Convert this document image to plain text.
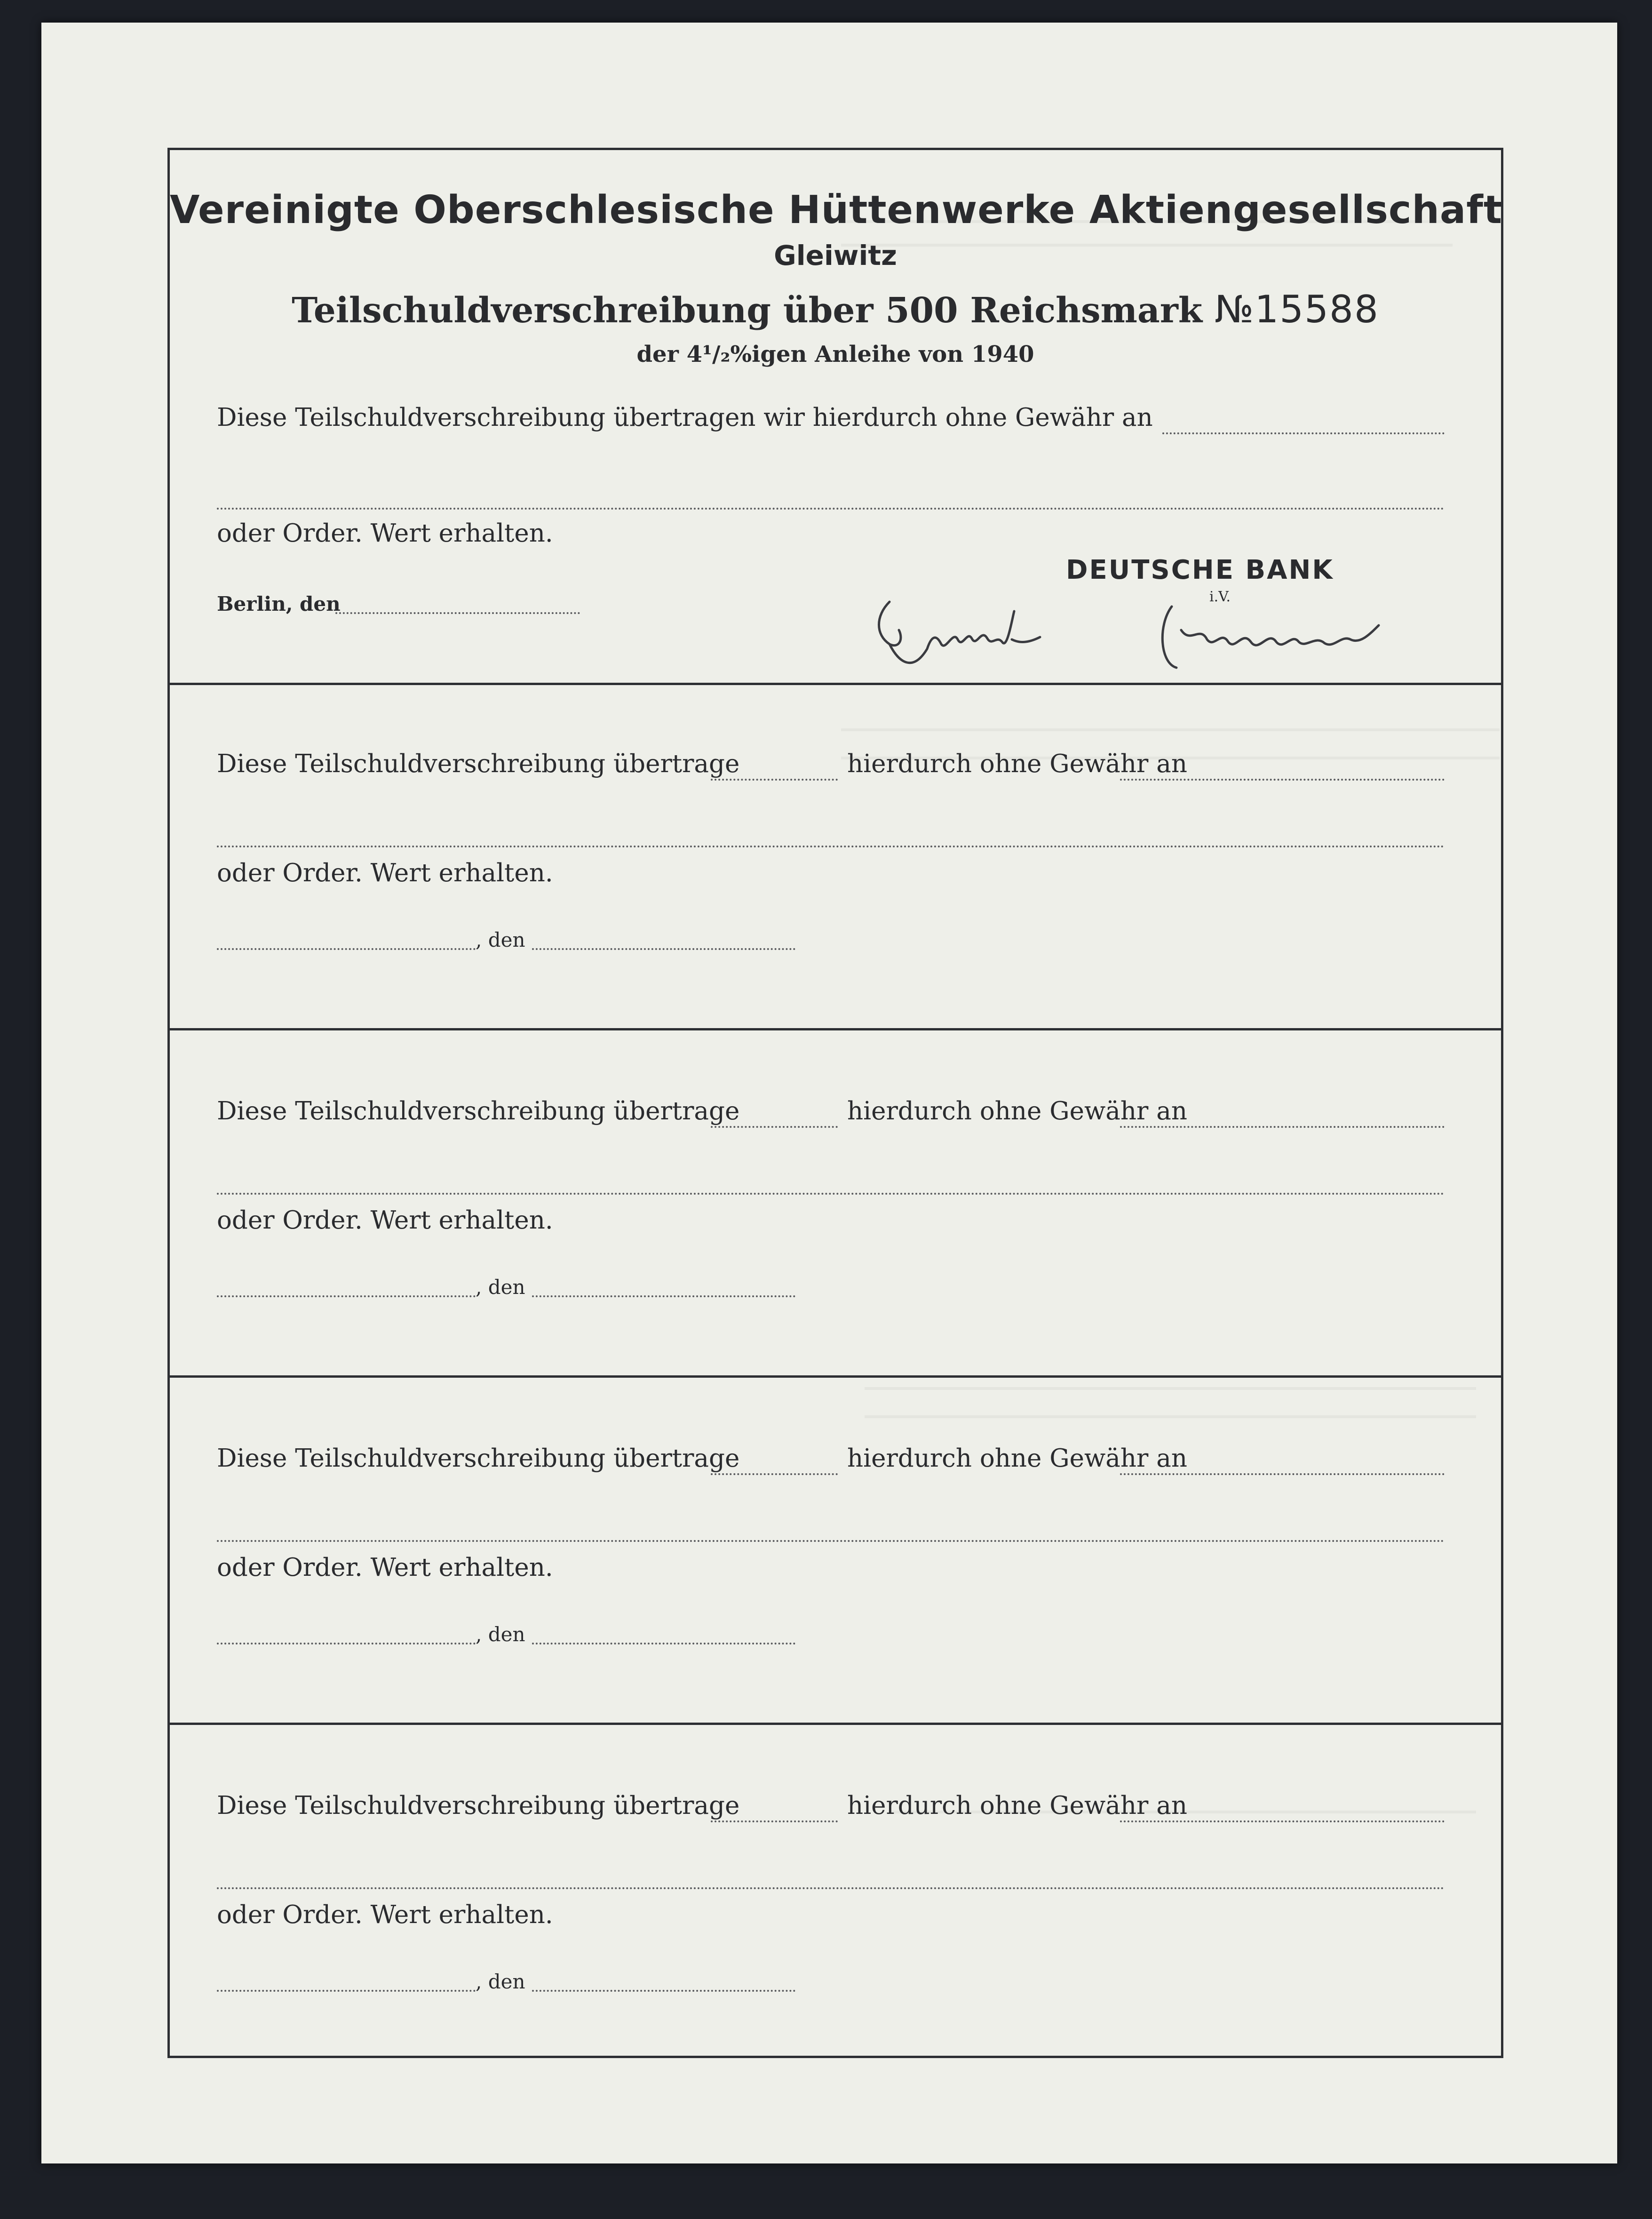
Vereinigte Oberschlesische Hüttenwerke Aktiengesellschaft
Gleiwitz
Teilschuldverschreibung über 500 Reichsmark №15588
der 4¹/₂%igen Anleihe von 1940
Diese Teilschuldverschreibung übertragen wir hierdurch ohne Gewähr an
oder Order. Wert erhalten.
DEUTSCHE BANK
i.V.
Berlin, den
Diese Teilschuldverschreibung übertrage	hierdurch ohne Gewähr an
oder Order. Wert erhalten.
, den
Diese Teilschuldverschreibung übertrage	hierdurch ohne Gewähr an
oder Order. Wert erhalten.
, den
Diese Teilschuldverschreibung übertrage	hierdurch ohne Gewähr an
oder Order. Wert erhalten.
, den
Diese Teilschuldverschreibung übertrage	hierdurch ohne Gewähr an
oder Order. Wert erhalten.
, den
